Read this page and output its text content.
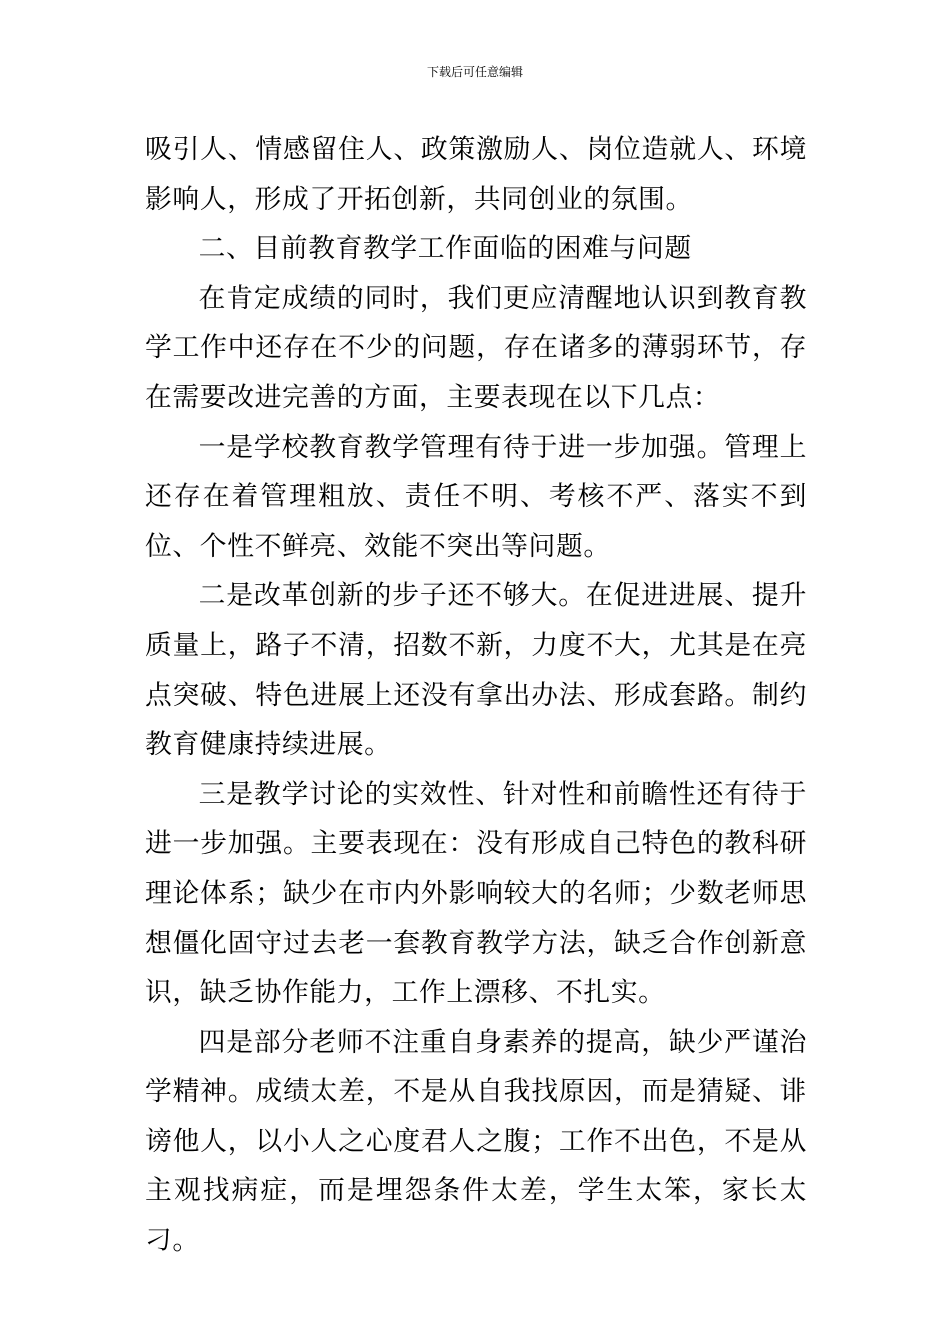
下载后可任意编辑

吸引人、情感留住人、政策激励人、岗位造就人、环境影响人，形成了开拓创新，共同创业的氛围。

二、目前教育教学工作面临的困难与问题

在肯定成绩的同时，我们更应清醒地认识到教育教学工作中还存在不少的问题，存在诸多的薄弱环节，存在需要改进完善的方面，主要表现在以下几点：

一是学校教育教学管理有待于进一步加强。管理上还存在着管理粗放、责任不明、考核不严、落实不到位、个性不鲜亮、效能不突出等问题。

二是改革创新的步子还不够大。在促进进展、提升质量上，路子不清，招数不新，力度不大，尤其是在亮点突破、特色进展上还没有拿出办法、形成套路。制约教育健康持续进展。

三是教学讨论的实效性、针对性和前瞻性还有待于进一步加强。主要表现在：没有形成自己特色的教科研理论体系；缺少在市内外影响较大的名师；少数老师思想僵化固守过去老一套教育教学方法，缺乏合作创新意识，缺乏协作能力，工作上漂移、不扎实。

四是部分老师不注重自身素养的提高，缺少严谨治学精神。成绩太差，不是从自我找原因，而是猜疑、诽谤他人，以小人之心度君人之腹；工作不出色，不是从主观找病症，而是埋怨条件太差，学生太笨，家长太刁。
